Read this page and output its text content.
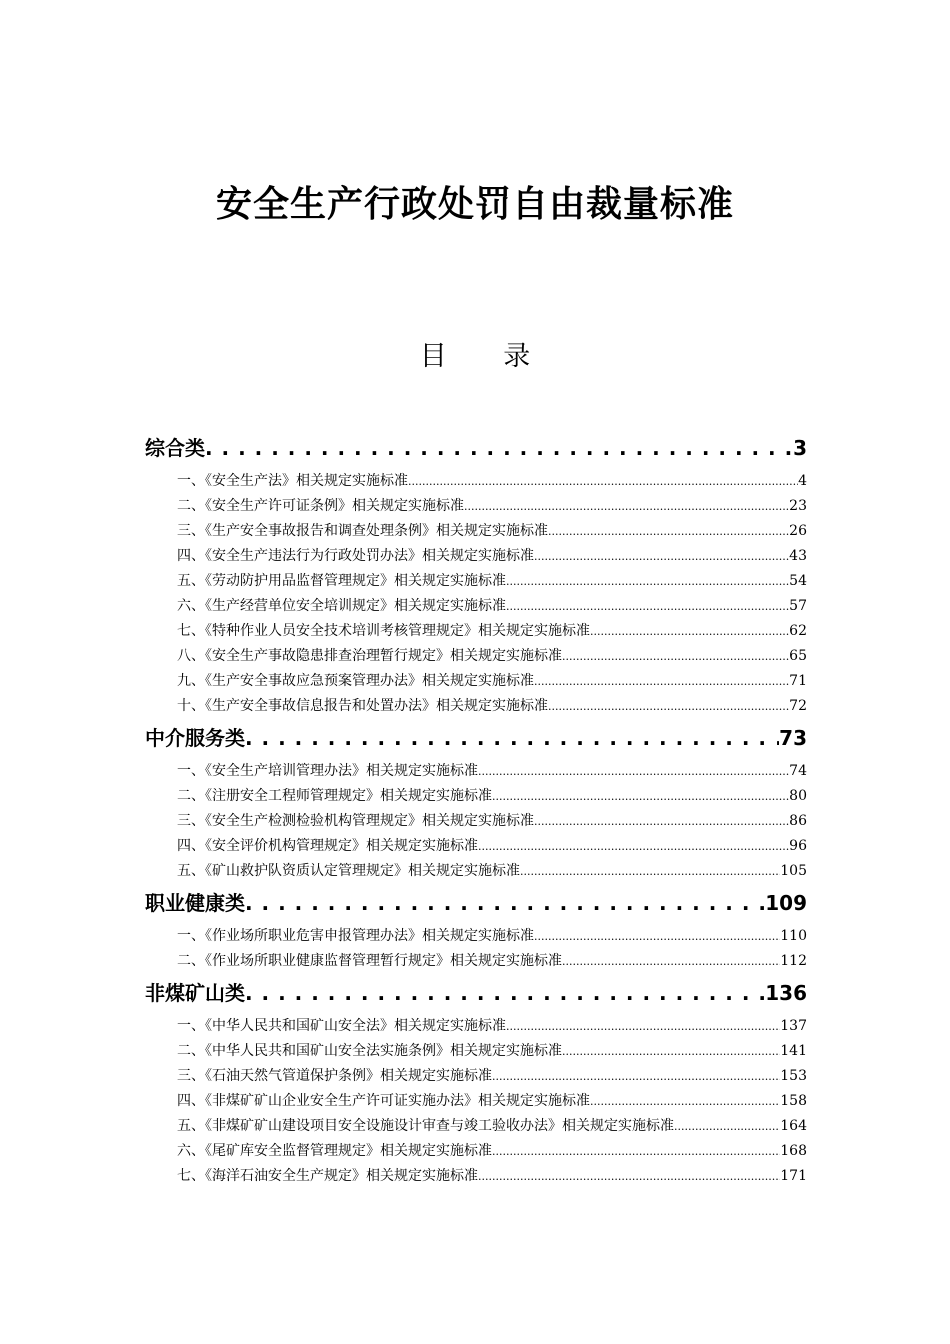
安全生产行政处罚自由裁量标准
目 录
综合类 . . .	3
一、《安全生产法》相关规定实施标准 .....	4
二、《安全生产许可证条例》相关规定实施标准 .....	23
三、《生产安全事故报告和调查处理条例》相关规定实施标准 .....	26
四、《安全生产违法行为行政处罚办法》相关规定实施标准 .....	43
五、《劳动防护用品监督管理规定》相关规定实施标准 .....	54
六、《生产经营单位安全培训规定》相关规定实施标准 .....	57
七、《特种作业人员安全技术培训考核管理规定》相关规定实施标准 .....	62
八、《安全生产事故隐患排查治理暂行规定》相关规定实施标准 .....	65
九、《生产安全事故应急预案管理办法》相关规定实施标准 .....	71
十、《生产安全事故信息报告和处置办法》相关规定实施标准 .....	72
中介服务类 . . .	73
一、《安全生产培训管理办法》相关规定实施标准 .....	74
二、《注册安全工程师管理规定》相关规定实施标准 .....	80
三、《安全生产检测检验机构管理规定》相关规定实施标准 .....	86
四、《安全评价机构管理规定》相关规定实施标准 .....	96
五、《矿山救护队资质认定管理规定》相关规定实施标准 .....	105
职业健康类 . . .	109
一、《作业场所职业危害申报管理办法》相关规定实施标准 .....	110
二、《作业场所职业健康监督管理暂行规定》相关规定实施标准 .....	112
非煤矿山类 . . .	136
一、《中华人民共和国矿山安全法》相关规定实施标准 .....	137
二、《中华人民共和国矿山安全法实施条例》相关规定实施标准 .....	141
三、《石油天然气管道保护条例》相关规定实施标准 .....	153
四、《非煤矿矿山企业安全生产许可证实施办法》相关规定实施标准 .....	158
五、《非煤矿矿山建设项目安全设施设计审查与竣工验收办法》相关规定实施标准 .....	164
六、《尾矿库安全监督管理规定》相关规定实施标准 .....	168
七、《海洋石油安全生产规定》相关规定实施标准 .....	171
